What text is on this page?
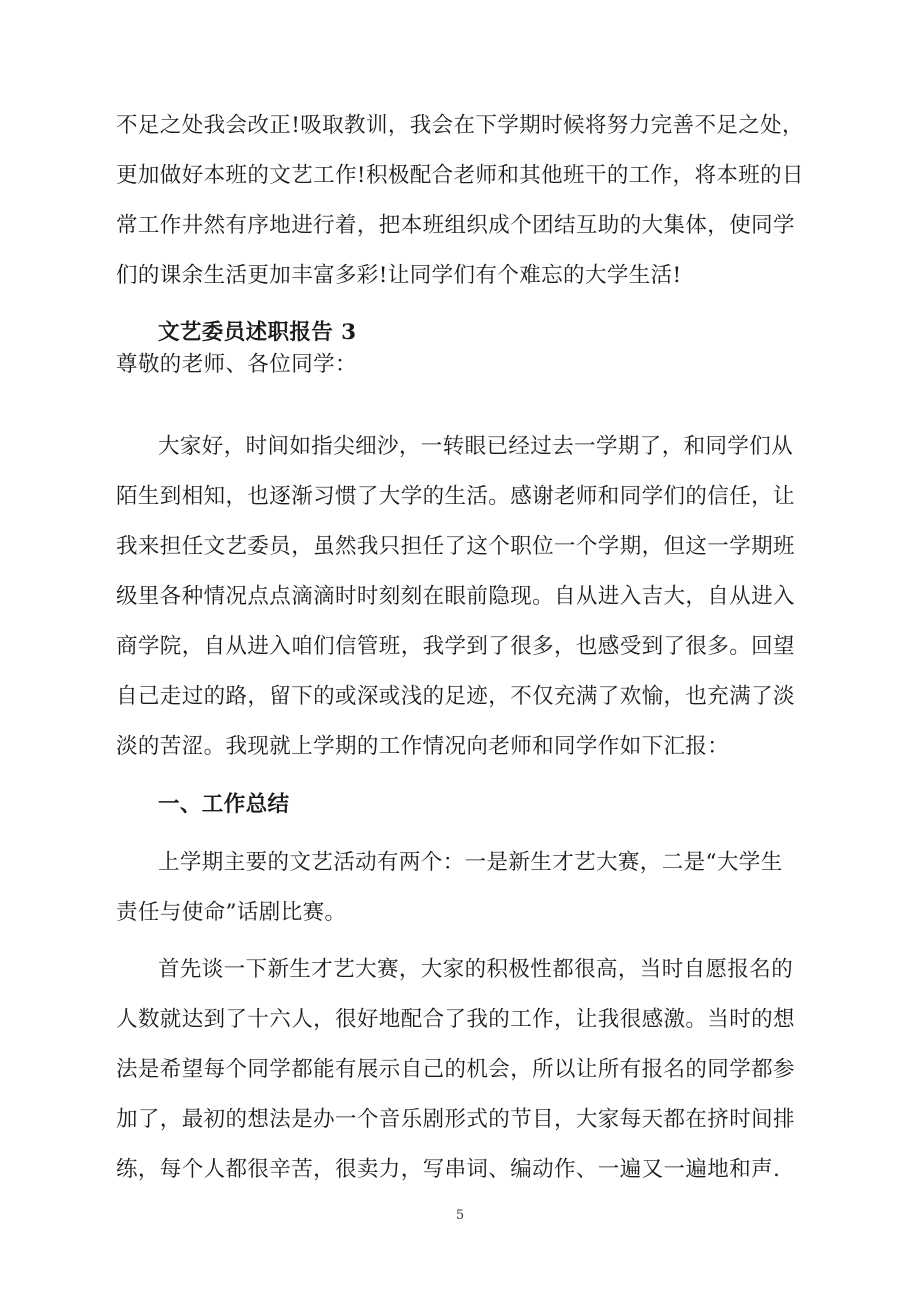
不足之处我会改正!吸取教训，我会在下学期时候将努力完善不足之处，
更加做好本班的文艺工作!积极配合老师和其他班干的工作，将本班的日
常工作井然有序地进行着，把本班组织成个团结互助的大集体，使同学
们的课余生活更加丰富多彩!让同学们有个难忘的大学生活!
文艺委员述职报告 3
尊敬的老师、各位同学：
大家好，时间如指尖细沙，一转眼已经过去一学期了，和同学们从
陌生到相知，也逐渐习惯了大学的生活。感谢老师和同学们的信任，让
我来担任文艺委员，虽然我只担任了这个职位一个学期，但这一学期班
级里各种情况点点滴滴时时刻刻在眼前隐现。自从进入吉大，自从进入
商学院，自从进入咱们信管班，我学到了很多，也感受到了很多。回望
自己走过的路，留下的或深或浅的足迹，不仅充满了欢愉，也充满了淡
淡的苦涩。我现就上学期的工作情况向老师和同学作如下汇报：
一、工作总结
上学期主要的文艺活动有两个：一是新生才艺大赛，二是“大学生
责任与使命”话剧比赛。
首先谈一下新生才艺大赛，大家的积极性都很高，当时自愿报名的
人数就达到了十六人，很好地配合了我的工作，让我很感激。当时的想
法是希望每个同学都能有展示自己的机会，所以让所有报名的同学都参
加了，最初的想法是办一个音乐剧形式的节目，大家每天都在挤时间排
练，每个人都很辛苦，很卖力，写串词、编动作、一遍又一遍地和声.
5
